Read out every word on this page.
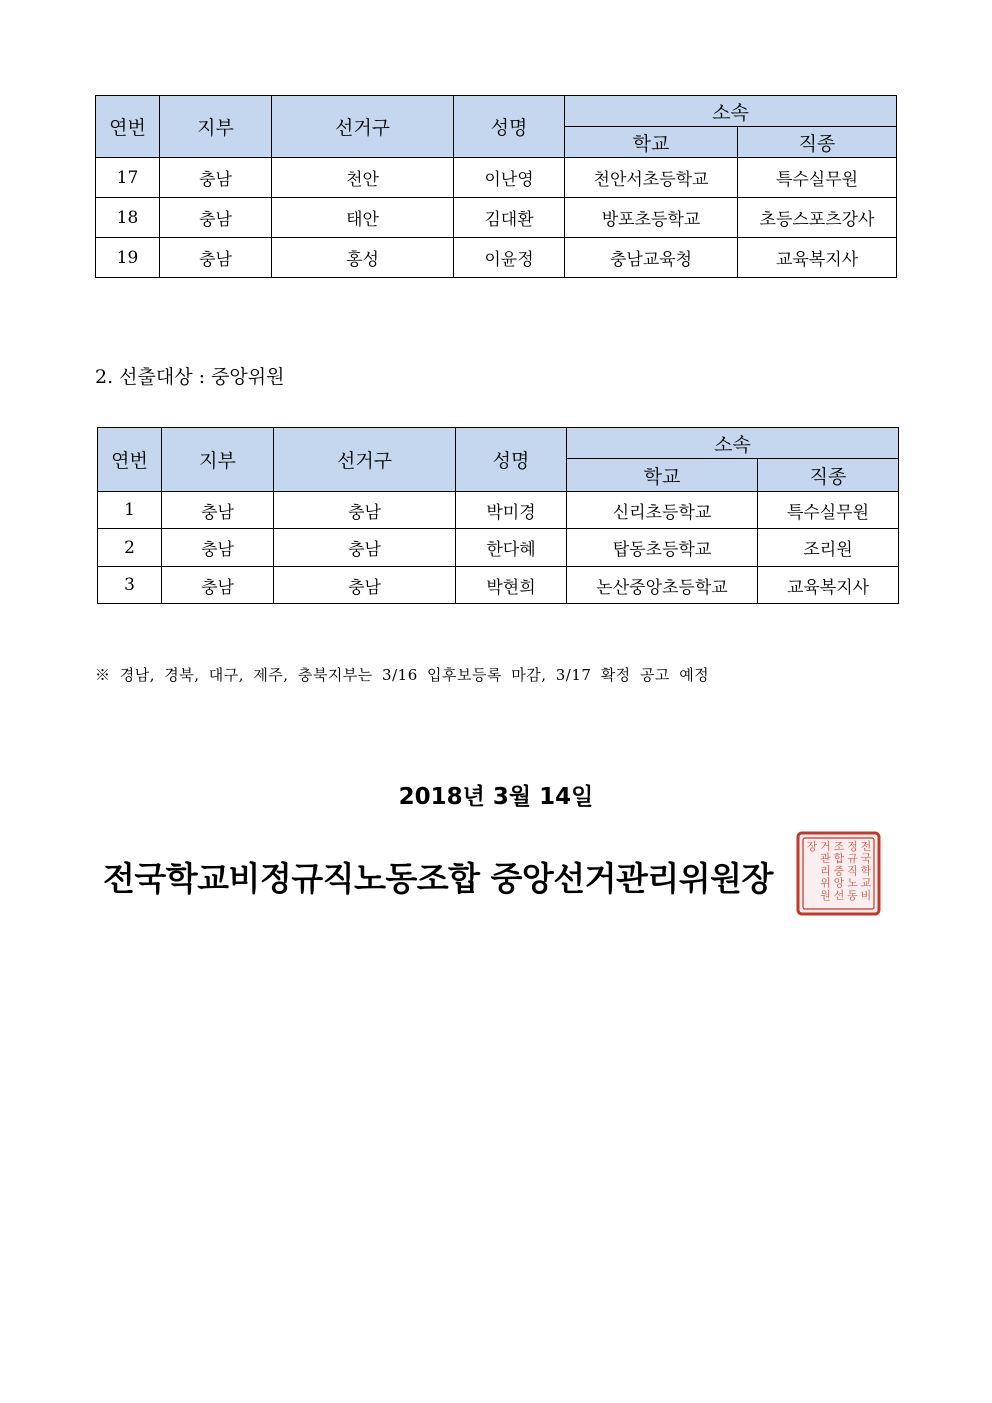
연번	지부	선거구	성명	소속	
				학교	직종
17	충남	천안	이난영	천안서초등학교	특수실무원
18	충남	태안	김대환	방포초등학교	초등스포츠강사
19	충남	홍성	이윤정	충남교육청	교육복지사
2. 선출대상 : 중앙위원
연번	지부	선거구	성명	소속	
				학교	직종
1	충남	충남	박미경	신리초등학교	특수실무원
2	충남	충남	한다혜	탑동초등학교	조리원
3	충남	충남	박현희	논산중앙초등학교	교육복지사
※ 경남, 경북, 대구, 제주, 충북지부는 3/16 입후보등록 마감, 3/17 확정 공고 예정
2018년 3월 14일
전국학교비정규직노동조합 중앙선거관리위원장
전
국
학
교
비
정
규
직
노
동
조
합
중
앙
선
거
관
리
위
원
장
